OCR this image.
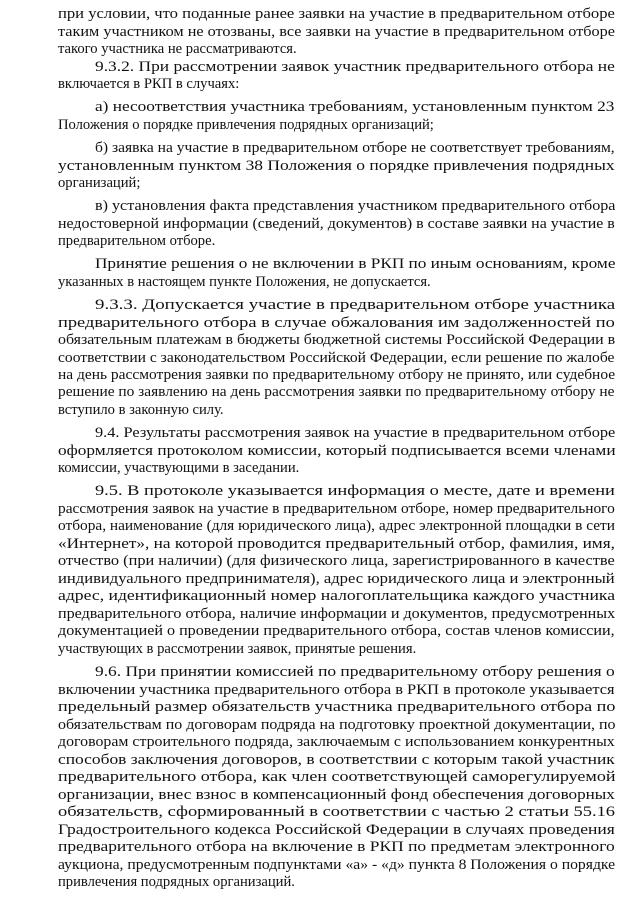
при условии, что поданные ранее заявки на участие в предварительном отборе
таким участником не отозваны, все заявки на участие в предварительном отборе
такого участника не рассматриваются.
9.3.2. При рассмотрении заявок участник предварительного отбора не
включается в РКП в случаях:
а) несоответствия участника требованиям, установленным пунктом 23
Положения о порядке привлечения подрядных организаций;
б) заявка на участие в предварительном отборе не соответствует требованиям,
установленным пунктом 38 Положения о порядке привлечения подрядных
организаций;
в) установления факта представления участником предварительного отбора
недостоверной информации (сведений, документов) в составе заявки на участие в
предварительном отборе.
Принятие решения о не включении в РКП по иным основаниям, кроме
указанных в настоящем пункте Положения, не допускается.
9.3.3. Допускается участие в предварительном отборе участника
предварительного отбора в случае обжалования им задолженностей по
обязательным платежам в бюджеты бюджетной системы Российской Федерации в
соответствии с законодательством Российской Федерации, если решение по жалобе
на день рассмотрения заявки по предварительному отбору не принято, или судебное
решение по заявлению на день рассмотрения заявки по предварительному отбору не
вступило в законную силу.
9.4. Результаты рассмотрения заявок на участие в предварительном отборе
оформляется протоколом комиссии, который подписывается всеми членами
комиссии, участвующими в заседании.
9.5. В протоколе указывается информация о месте, дате и времени
рассмотрения заявок на участие в предварительном отборе, номер предварительного
отбора, наименование (для юридического лица), адрес электронной площадки в сети
«Интернет», на которой проводится предварительный отбор, фамилия, имя,
отчество (при наличии) (для физического лица, зарегистрированного в качестве
индивидуального предпринимателя), адрес юридического лица и электронный
адрес, идентификационный номер налогоплательщика каждого участника
предварительного отбора, наличие информации и документов, предусмотренных
документацией о проведении предварительного отбора, состав членов комиссии,
участвующих в рассмотрении заявок, принятые решения.
9.6. При принятии комиссией по предварительному отбору решения о
включении участника предварительного отбора в РКП в протоколе указывается
предельный размер обязательств участника предварительного отбора по
обязательствам по договорам подряда на подготовку проектной документации, по
договорам строительного подряда, заключаемым с использованием конкурентных
способов заключения договоров, в соответствии с которым такой участник
предварительного отбора, как член соответствующей саморегулируемой
организации, внес взнос в компенсационный фонд обеспечения договорных
обязательств, сформированный в соответствии с частью 2 статьи 55.16
Градостроительного кодекса Российской Федерации в случаях проведения
предварительного отбора на включение в РКП по предметам электронного
аукциона, предусмотренным подпунктами «а» - «д» пункта 8 Положения о порядке
привлечения подрядных организаций.
